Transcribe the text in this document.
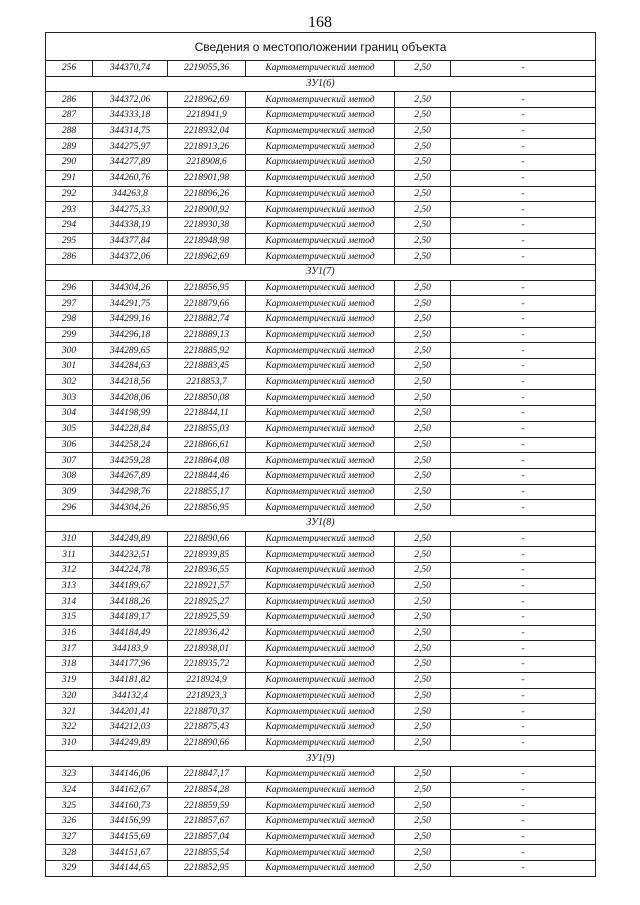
168
Сведения о местоположении границ объекта					
256	344370,74	2219055,36	Картометрический метод	2,50	-
ЗУ1(6)					
286	344372,06	2218962,69	Картометрический метод	2,50	-
287	344333,18	2218941,9	Картометрический метод	2,50	-
288	344314,75	2218932,04	Картометрический метод	2,50	-
289	344275,97	2218913,26	Картометрический метод	2,50	-
290	344277,89	2218908,6	Картометрический метод	2,50	-
291	344260,76	2218901,98	Картометрический метод	2,50	-
292	344263,8	2218896,26	Картометрический метод	2,50	-
293	344275,33	2218900,92	Картометрический метод	2,50	-
294	344338,19	2218930,38	Картометрический метод	2,50	-
295	344377,84	2218948,98	Картометрический метод	2,50	-
286	344372,06	2218962,69	Картометрический метод	2,50	-
ЗУ1(7)					
296	344304,26	2218856,95	Картометрический метод	2,50	-
297	344291,75	2218879,66	Картометрический метод	2,50	-
298	344299,16	2218882,74	Картометрический метод	2,50	-
299	344296,18	2218889,13	Картометрический метод	2,50	-
300	344289,65	2218885,92	Картометрический метод	2,50	-
301	344284,63	2218883,45	Картометрический метод	2,50	-
302	344218,56	2218853,7	Картометрический метод	2,50	-
303	344208,06	2218850,08	Картометрический метод	2,50	-
304	344198,99	2218844,11	Картометрический метод	2,50	-
305	344228,84	2218855,03	Картометрический метод	2,50	-
306	344258,24	2218866,61	Картометрический метод	2,50	-
307	344259,28	2218864,08	Картометрический метод	2,50	-
308	344267,89	2218844,46	Картометрический метод	2,50	-
309	344298,76	2218855,17	Картометрический метод	2,50	-
296	344304,26	2218856,95	Картометрический метод	2,50	-
ЗУ1(8)					
310	344249,89	2218890,66	Картометрический метод	2,50	-
311	344232,51	2218939,85	Картометрический метод	2,50	-
312	344224,78	2218936,55	Картометрический метод	2,50	-
313	344189,67	2218921,57	Картометрический метод	2,50	-
314	344188,26	2218925,27	Картометрический метод	2,50	-
315	344189,17	2218925,59	Картометрический метод	2,50	-
316	344184,49	2218936,42	Картометрический метод	2,50	-
317	344183,9	2218938,01	Картометрический метод	2,50	-
318	344177,96	2218935,72	Картометрический метод	2,50	-
319	344181,82	2218924,9	Картометрический метод	2,50	-
320	344132,4	2218923,3	Картометрический метод	2,50	-
321	344201,41	2218870,37	Картометрический метод	2,50	-
322	344212,03	2218875,43	Картометрический метод	2,50	-
310	344249,89	2218890,66	Картометрический метод	2,50	-
ЗУ1(9)					
323	344146,06	2218847,17	Картометрический метод	2,50	-
324	344162,67	2218854,28	Картометрический метод	2,50	-
325	344160,73	2218859,59	Картометрический метод	2,50	-
326	344156,99	2218857,67	Картометрический метод	2,50	-
327	344155,69	2218857,04	Картометрический метод	2,50	-
328	344151,67	2218855,54	Картометрический метод	2,50	-
329	344144,65	2218852,95	Картометрический метод	2,50	-
